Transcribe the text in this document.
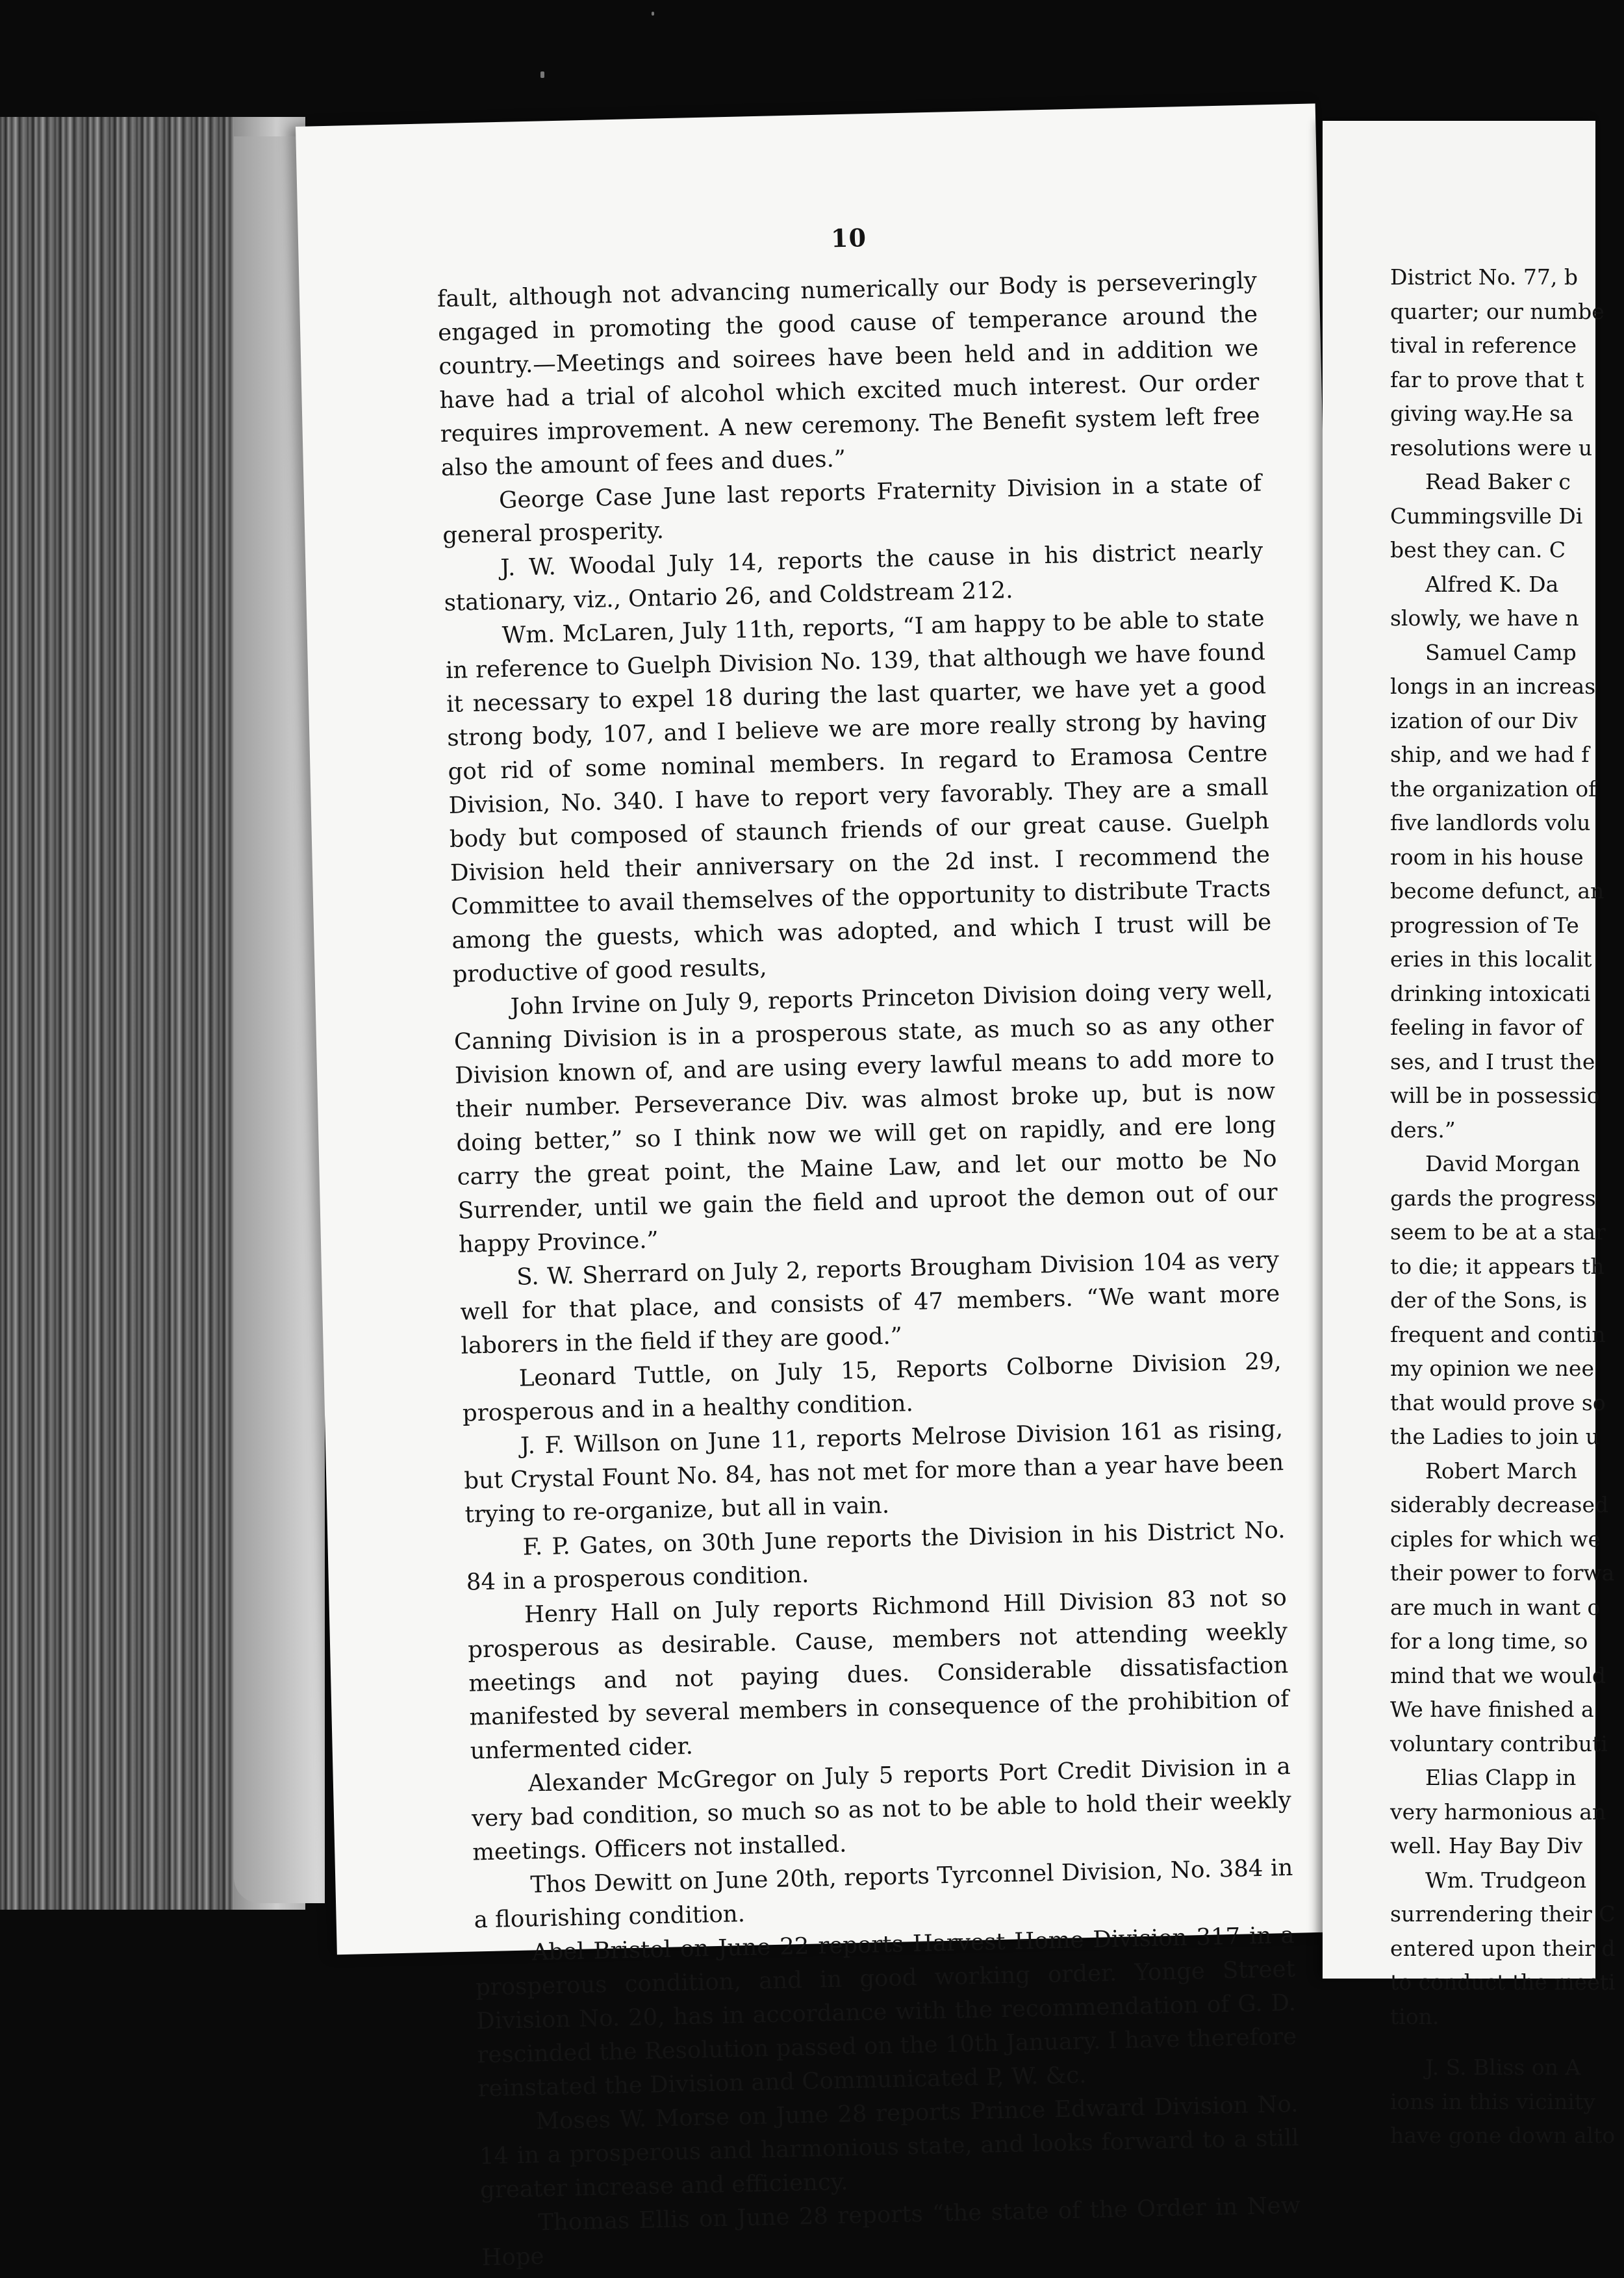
10

fault, although not advancing numerically our Body is perseveringly engaged in promoting the good cause of temperance around the country.—Meetings and soirees have been held and in addition we have had a trial of alcohol which excited much interest. Our order requires improvement. A new ceremony. The Benefit system left free also the amount of fees and dues.”

George Case June last reports Fraternity Division in a state of general prosperity.

J. W. Woodal July 14, reports the cause in his district nearly stationary, viz., Ontario 26, and Coldstream 212.

Wm. McLaren, July 11th, reports, “I am happy to be able to state in reference to Guelph Division No. 139, that although we have found it necessary to expel 18 during the last quarter, we have yet a good strong body, 107, and I believe we are more really strong by having got rid of some nominal members. In regard to Eramosa Centre Division, No. 340. I have to report very favorably. They are a small body but composed of staunch friends of our great cause. Guelph Division held their anniversary on the 2d inst. I recommend the Committee to avail themselves of the opportunity to distribute Tracts among the guests, which was adopted, and which I trust will be productive of good results,

John Irvine on July 9, reports Princeton Division doing very well, Canning Division is in a prosperous state, as much so as any other Division known of, and are using every lawful means to add more to their number. Perseverance Div. was almost broke up, but is now doing better,” so I think now we will get on rapidly, and ere long carry the great point, the Maine Law, and let our motto be No Surrender, until we gain the field and uproot the demon out of our happy Province.”

S. W. Sherrard on July 2, reports Brougham Division 104 as very well for that place, and consists of 47 members. “We want more laborers in the field if they are good.”

Leonard Tuttle, on July 15, Reports Colborne Division 29, prosperous and in a healthy condition.

J. F. Willson on June 11, reports Melrose Division 161 as rising, but Crystal Fount No. 84, has not met for more than a year have been trying to re-organize, but all in vain.

F. P. Gates, on 30th June reports the Division in his District No. 84 in a prosperous condition.

Henry Hall on July reports Richmond Hill Division 83 not so prosperous as desirable. Cause, members not attending weekly meetings and not paying dues. Considerable dissatisfaction manifested by several members in consequence of the prohibition of unfermented cider.

Alexander McGregor on July 5 reports Port Credit Division in a very bad condition, so much so as not to be able to hold their weekly meetings. Officers not installed.

Thos Dewitt on June 20th, reports Tyrconnel Division, No. 384 in a flourishing condition.

Abel Bristol on June 22 reports Harvest Home Division 317 in a prosperous condition, and in good working order. Yonge Street Division No. 20, has in accordance with the recommendation of G. D. rescinded the Resolution passed on the 10th January. I have therefore reinstated the Division and Communicated P, W. &c.

Moses W. Morse on June 28 reports Prince Edward Division No. 14 in a prosperous and harmonious state, and looks forward to a still greater increase and efficiency.

Thomas Ellis on June 28 reports “the state of the Order in New Hope

District No. 77, b
quarter; our numbe
tival in reference
far to prove that t
giving way.He sa
resolutions were u
Read Baker c
Cummingsville Di
best they can. C
Alfred K. Da
slowly, we have n
Samuel Camp
longs in an increas
ization of our Div
ship, and we had f
the organization of
five landlords volu
room in his house
become defunct, an
progression of Te
eries in this localit
drinking intoxicati
feeling in favor of
ses, and I trust the
will be in possessio
ders.”
David Morgan
gards the progress
seem to be at a star
to die; it appears th
der of the Sons, is
frequent and contin
my opinion we nee
that would prove so
the Ladies to join u
Robert March
siderably decreased
ciples for which we
their power to forwa
are much in want o
for a long time, so
mind that we would
We have finished a
voluntary contributi
Elias Clapp in
very harmonious an
well. Hay Bay Div
Wm. Trudgeon
surrendering their C
entered upon their d
to conduct the meeti
tion.
J. S. Bliss on A
ions in this vicinity
have gone down alto
